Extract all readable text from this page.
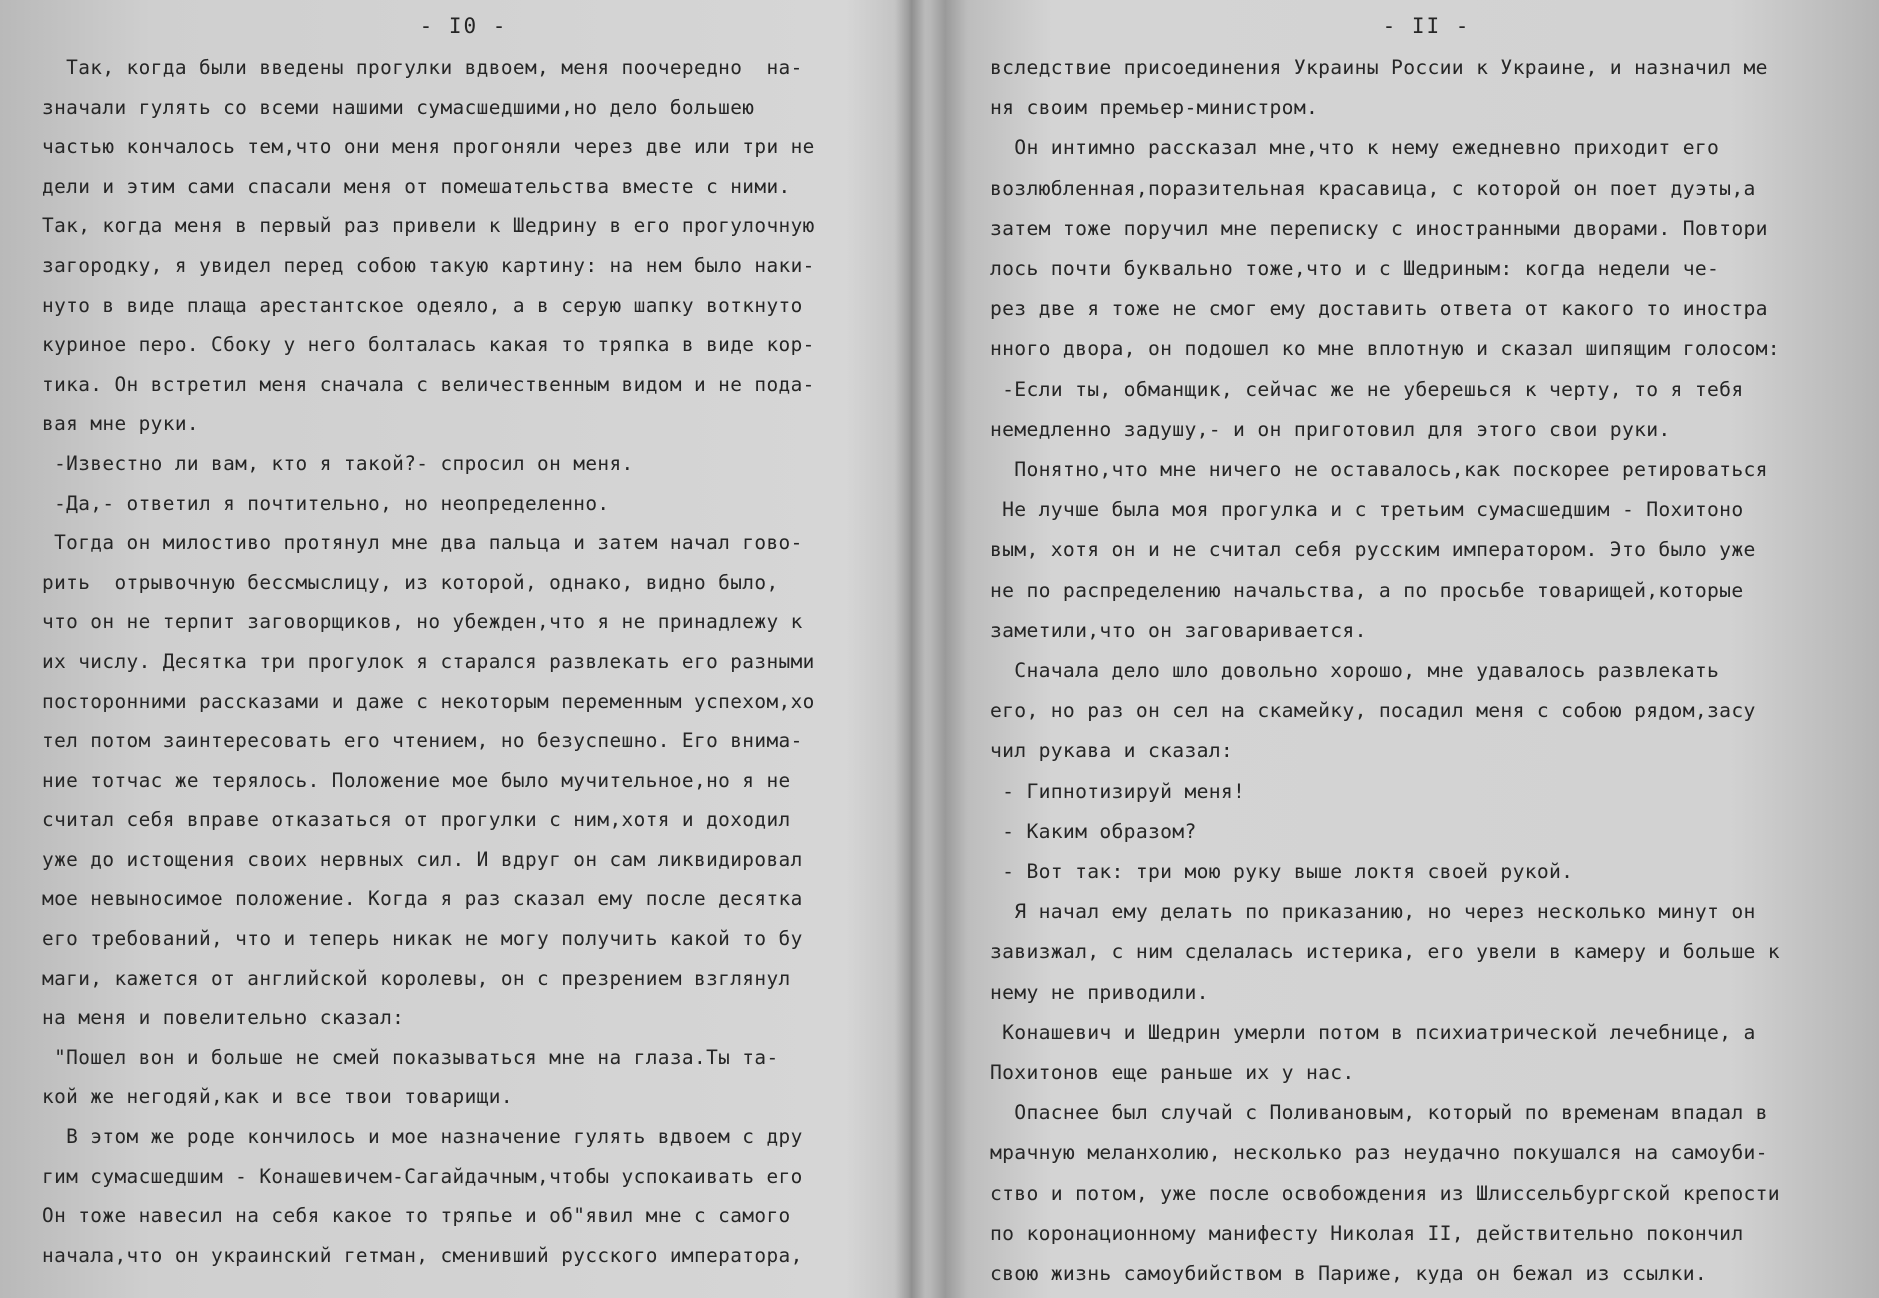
- I0 -
Так, когда были введены прогулки вдвоем, меня поочередно  на-
значали гулять со всеми нашими сумасшедшими,но дело большею
частью кончалось тем,что они меня прогоняли через две или три не
дели и этим сами спасали меня от помешательства вместе с ними.
Так, когда меня в первый раз привели к Шедрину в его прогулочную
загородку, я увидел перед собою такую картину: на нем было наки-
нуто в виде плаща арестантское одеяло, а в серую шапку воткнуто
куриное перо. Сбоку у него болталась какая то тряпка в виде кор-
тика. Он встретил меня сначала с величественным видом и не пода-
вая мне руки.
-Известно ли вам, кто я такой?- спросил он меня.
-Да,- ответил я почтительно, но неопределенно.
Тогда он милостиво протянул мне два пальца и затем начал гово-
рить  отрывочную бессмыслицу, из которой, однако, видно было,
что он не терпит заговорщиков, но убежден,что я не принадлежу к
их числу. Десятка три прогулок я старался развлекать его разными
посторонними рассказами и даже с некоторым переменным успехом,хо
тел потом заинтересовать его чтением, но безуспешно. Его внима-
ние тотчас же терялось. Положение мое было мучительное,но я не
считал себя вправе отказаться от прогулки с ним,хотя и доходил
уже до истощения своих нервных сил. И вдруг он сам ликвидировал
мое невыносимое положение. Когда я раз сказал ему после десятка
его требований, что и теперь никак не могу получить какой то бу
маги, кажется от английской королевы, он с презрением взглянул
на меня и повелительно сказал:
"Пошел вон и больше не смей показываться мне на глаза.Ты та-
кой же негодяй,как и все твои товарищи.
В этом же роде кончилось и мое назначение гулять вдвоем с дру
гим сумасшедшим - Конашевичем-Сагайдачным,чтобы успокаивать его
Он тоже навесил на себя какое то тряпье и об"явил мне с самого
начала,что он украинский гетман, сменивший русского императора,
- II -
вследствие присоединения Украины России к Украине, и назначил ме
ня своим премьер-министром.
Он интимно рассказал мне,что к нему ежедневно приходит его
возлюбленная,поразительная красавица, с которой он поет дуэты,а
затем тоже поручил мне переписку с иностранными дворами. Повтори
лось почти буквально тоже,что и с Шедриным: когда недели че-
рез две я тоже не смог ему доставить ответа от какого то иностра
нного двора, он подошел ко мне вплотную и сказал шипящим голосом:
-Если ты, обманщик, сейчас же не уберешься к черту, то я тебя
немедленно задушу,- и он приготовил для этого свои руки.
Понятно,что мне ничего не оставалось,как поскорее ретироваться
Не лучше была моя прогулка и с третьим сумасшедшим - Похитоно
вым, хотя он и не считал себя русским императором. Это было уже
не по распределению начальства, а по просьбе товарищей,которые
заметили,что он заговаривается.
Сначала дело шло довольно хорошо, мне удавалось развлекать
его, но раз он сел на скамейку, посадил меня с собою рядом,засу
чил рукава и сказал:
- Гипнотизируй меня!
- Каким образом?
- Вот так: три мою руку выше локтя своей рукой.
Я начал ему делать по приказанию, но через несколько минут он
завизжал, с ним сделалась истерика, его увели в камеру и больше к
нему не приводили.
Конашевич и Шедрин умерли потом в психиатрической лечебнице, а
Похитонов еще раньше их у нас.
Опаснее был случай с Поливановым, который по временам впадал в
мрачную меланхолию, несколько раз неудачно покушался на самоуби-
ство и потом, уже после освобождения из Шлиссельбургской крепости
по коронационному манифесту Николая II, действительно покончил
свою жизнь самоубийством в Париже, куда он бежал из ссылки.
